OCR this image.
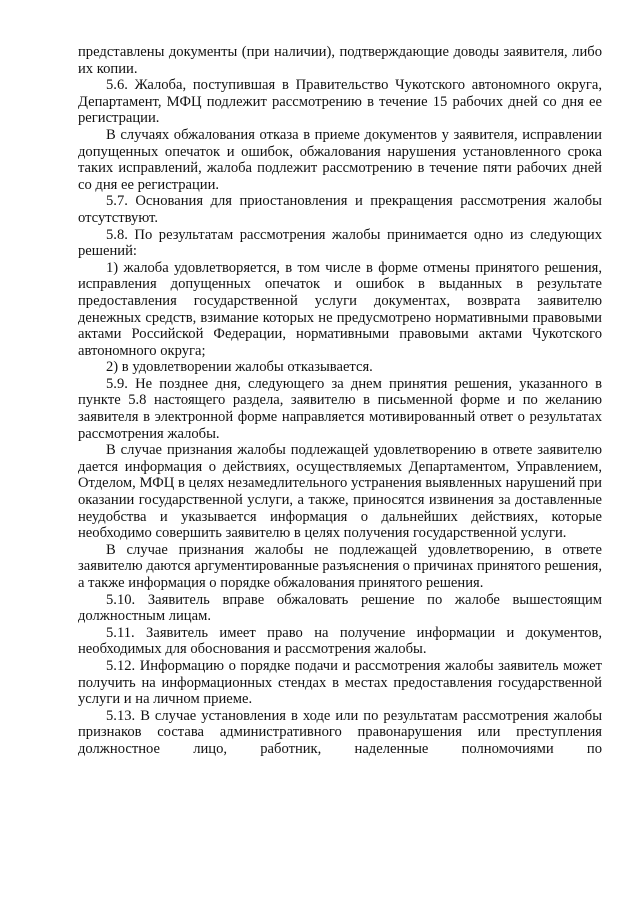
представлены документы (при наличии), подтверждающие доводы заявителя, либо их копии.

5.6. Жалоба, поступившая в Правительство Чукотского автономного округа, Департамент, МФЦ подлежит рассмотрению в течение 15 рабочих дней со дня ее регистрации.

В случаях обжалования отказа в приеме документов у заявителя, исправлении допущенных опечаток и ошибок, обжалования нарушения установленного срока таких исправлений, жалоба подлежит рассмотрению в течение пяти рабочих дней со дня ее регистрации.

5.7. Основания для приостановления и прекращения рассмотрения жалобы отсутствуют.

5.8. По результатам рассмотрения жалобы принимается одно из следующих решений:

1) жалоба удовлетворяется, в том числе в форме отмены принятого решения, исправления допущенных опечаток и ошибок в выданных в результате предоставления государственной услуги документах, возврата заявителю денежных средств, взимание которых не предусмотрено нормативными правовыми актами Российской Федерации, нормативными правовыми актами Чукотского автономного округа;

2) в удовлетворении жалобы отказывается.

5.9. Не позднее дня, следующего за днем принятия решения, указанного в пункте 5.8 настоящего раздела, заявителю в письменной форме и по желанию заявителя в электронной форме направляется мотивированный ответ о результатах рассмотрения жалобы.

В случае признания жалобы подлежащей удовлетворению в ответе заявителю дается информация о действиях, осуществляемых Департаментом, Управлением, Отделом, МФЦ в целях незамедлительного устранения выявленных нарушений при оказании государственной услуги, а также, приносятся извинения за доставленные неудобства и указывается информация о дальнейших действиях, которые необходимо совершить заявителю в целях получения государственной услуги.

В случае признания жалобы не подлежащей удовлетворению, в ответе заявителю даются аргументированные разъяснения о причинах принятого решения, а также информация о порядке обжалования принятого решения.

5.10. Заявитель вправе обжаловать решение по жалобе вышестоящим должностным лицам.

5.11. Заявитель имеет право на получение информации и документов, необходимых для обоснования и рассмотрения жалобы.

5.12. Информацию о порядке подачи и рассмотрения жалобы заявитель может получить на информационных стендах в местах предоставления государственной услуги и на личном приеме.

5.13. В случае установления в ходе или по результатам рассмотрения жалобы признаков состава административного правонарушения или преступления должностное лицо, работник, наделенные полномочиями по
